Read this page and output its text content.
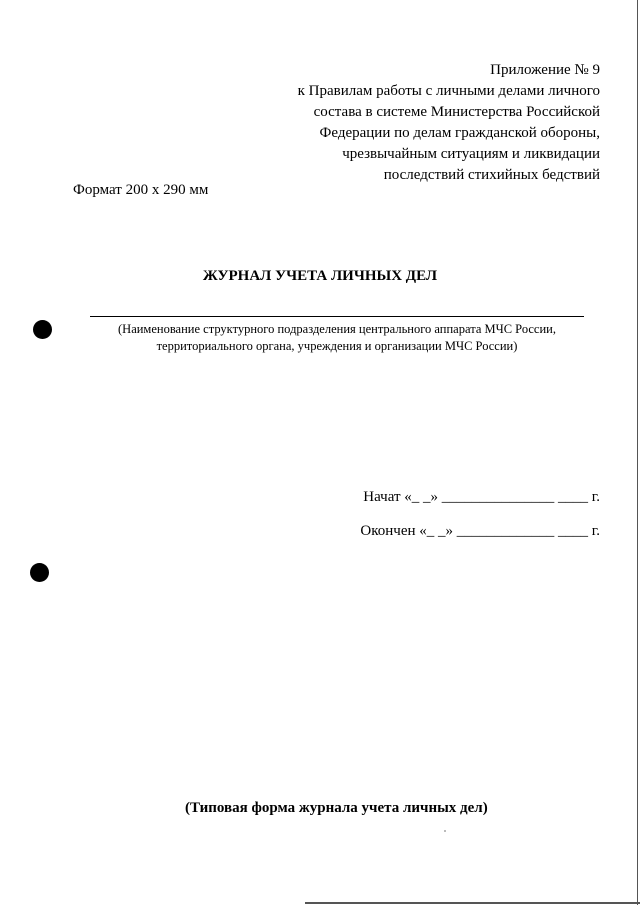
Приложение № 9
к Правилам работы с личными делами личного
состава в системе Министерства Российской
Федерации по делам гражданской обороны,
чрезвычайным ситуациям и ликвидации
последствий стихийных бедствий
Формат 200 х 290 мм
ЖУРНАЛ УЧЕТА ЛИЧНЫХ ДЕЛ
(Наименование структурного подразделения центрального аппарата МЧС России,
территориального органа, учреждения и организации МЧС России)
Начат «_ _» _______________ ____ г.
Окончен «_ _» _____________ ____ г.
(Типовая форма журнала учета личных дел)
